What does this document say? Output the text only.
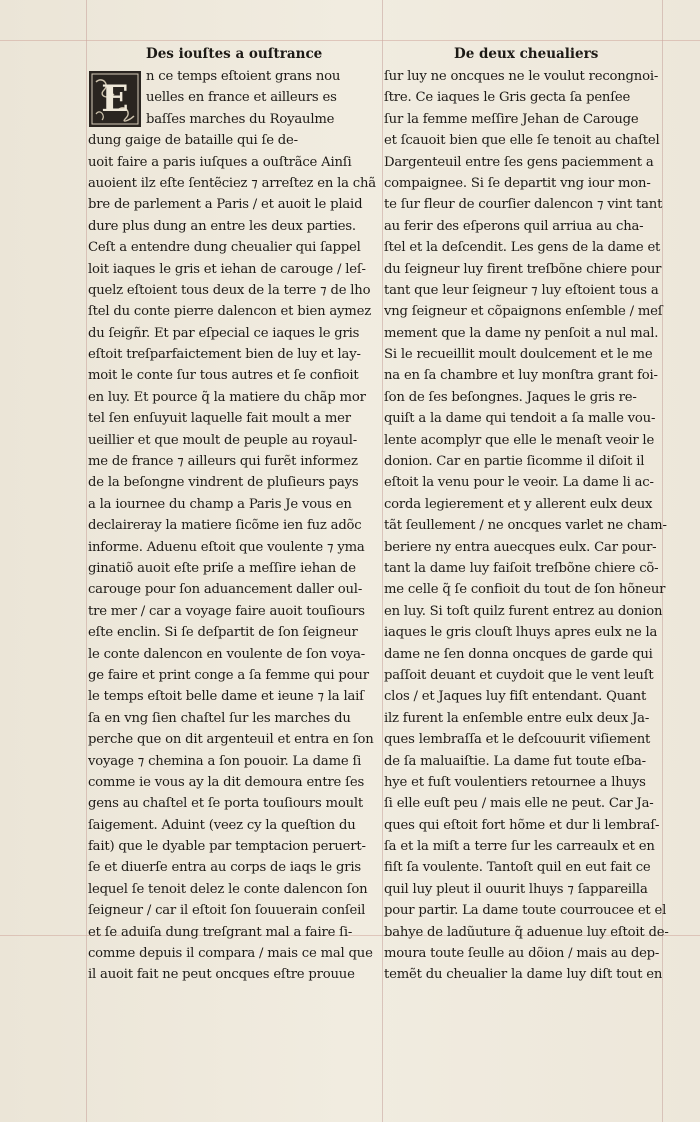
Des iouſtes a ouſtrance	De deux cheualiers
E
n ce temps eſtoient grans nou
uelles en france et ailleurs es
baſſes marches du Royaulme
dung gaige de bataille qui ſe de-
uoit faire a paris iuſques a ouſtrãce Ainſi
auoient ilz eſte ſentẽciez ⁊ arreſtez en la chã
bre de parlement a Paris / et auoit le plaid
dure plus dung an entre les deux parties.
Ceſt a entendre dung cheualier qui ſappel
loit iaques le gris et iehan de carouge / leſ-
quelz eſtoient tous deux de la terre ⁊ de lho
ſtel du conte pierre dalencon et bien aymez
du ſeigñr. Et par eſpecial ce iaques le gris
eſtoit treſparfaictement bien de luy et lay-
moit le conte ſur tous autres et ſe confioit
en luy. Et pource q̃ la matiere du chãp mor
tel ſen enſuyuit laquelle fait moult a mer
ueillier et que moult de peuple au royaul-
me de france ⁊ ailleurs qui furẽt informez
de la beſongne vindrent de pluſieurs pays
a la iournee du champ a Paris Je vous en
declaireray la matiere ſicõme ien fuz adõc
informe. Aduenu eſtoit que voulente ⁊ yma
ginatiõ auoit eſte priſe a meſſire iehan de
carouge pour ſon aduancement daller oul-
tre mer / car a voyage faire auoit touſiours
eſte enclin. Si ſe deſpartit de ſon ſeigneur
le conte dalencon en voulente de ſon voya-
ge faire et print conge a ſa femme qui pour
le temps eſtoit belle dame et ieune ⁊ la laiſ
ſa en vng ſien chaſtel ſur les marches du
perche que on dit argenteuil et entra en ſon
voyage ⁊ chemina a ſon pouoir. La dame ſi
comme ie vous ay la dit demoura entre ſes
gens au chaſtel et ſe porta touſiours moult
ſaigement. Aduint (veez cy la queſtion du
fait) que le dyable par temptacion peruert-
ſe et diuerſe entra au corps de iaqs le gris
lequel ſe tenoit delez le conte dalencon ſon
ſeigneur / car il eſtoit ſon ſouuerain conſeil
et ſe aduiſa dung treſgrant mal a faire ſi-
comme depuis il compara / mais ce mal que
il auoit fait ne peut oncques eſtre prouue
ſur luy ne oncques ne le voulut recongnoi-
ſtre. Ce iaques le Gris gecta ſa penſee
ſur la femme meſſire Jehan de Carouge
et ſcauoit bien que elle ſe tenoit au chaſtel
Dargenteuil entre ſes gens paciemment a
compaignee. Si ſe departit vng iour mon-
te ſur fleur de courſier dalencon ⁊ vint tant
au ferir des eſperons quil arriua au cha-
ſtel et la deſcendit. Les gens de la dame et
du ſeigneur luy firent treſbõne chiere pour
tant que leur ſeigneur ⁊ luy eſtoient tous a
vng ſeigneur et cõpaignons enſemble / meſ
mement que la dame ny penſoit a nul mal.
Si le recueillit moult doulcement et le me
na en ſa chambre et luy monſtra grant foi-
ſon de ſes beſongnes. Jaques le gris re-
quiſt a la dame qui tendoit a ſa malle vou-
lente acomplyr que elle le menaſt veoir le
donion. Car en partie ſicomme il diſoit il
eſtoit la venu pour le veoir. La dame li ac-
corda legierement et y allerent eulx deux
tãt ſeullement / ne oncques varlet ne cham-
beriere ny entra auecques eulx. Car pour-
tant la dame luy faiſoit treſbõne chiere cõ-
me celle q̃ ſe confioit du tout de ſon hõneur
en luy. Si toſt quilz furent entrez au donion
iaques le gris clouſt lhuys apres eulx ne la
dame ne ſen donna oncques de garde qui
paſſoit deuant et cuydoit que le vent leuſt
clos / et Jaques luy fiſt entendant. Quant
ilz furent la enſemble entre eulx deux Ja-
ques lembraſſa et le deſcouurit viſiement
de ſa maluaiſtie. La dame fut toute eſba-
hye et fuſt voulentiers retournee a lhuys
ſi elle euſt peu / mais elle ne peut. Car Ja-
ques qui eſtoit fort hõme et dur li lembraſ-
ſa et la miſt a terre ſur les carreaulx et en
fiſt ſa voulente. Tantoſt quil en eut fait ce
quil luy pleut il ouurit lhuys ⁊ ſappareilla
pour partir. La dame toute courroucee et el
bahye de ladũuture q̃ aduenue luy eſtoit de-
moura toute ſeulle au dõion / mais au dep-
temẽt du cheualier la dame luy diſt tout en
